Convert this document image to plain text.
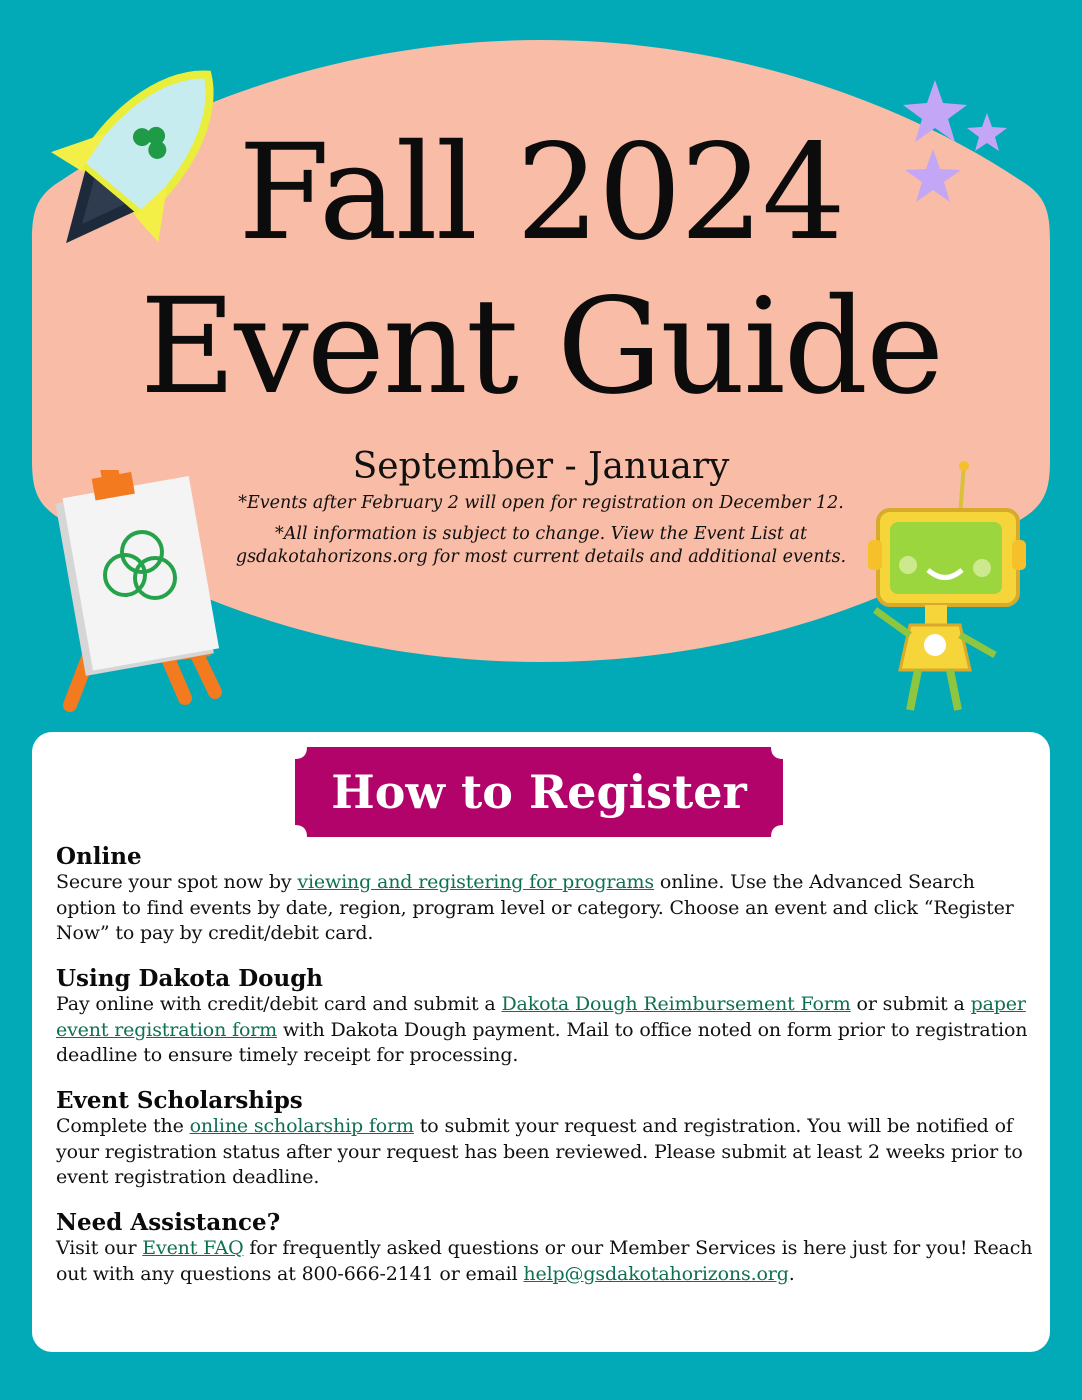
Fall 2024
Event Guide
September - January
*Events after February 2 will open for registration on December 12.
*All information is subject to change. View the Event List at gsdakotahorizons.org for most current details and additional events.
How to Register
Online

Secure your spot now by viewing and registering for programs online. Use the Advanced Search option to find events by date, region, program level or category. Choose an event and click “Register Now” to pay by credit/debit card.

Using Dakota Dough

Pay online with credit/debit card and submit a Dakota Dough Reimbursement Form or submit a paper event registration form with Dakota Dough payment. Mail to office noted on form prior to registration deadline to ensure timely receipt for processing.

Event Scholarships

Complete the online scholarship form to submit your request and registration. You will be notified of your registration status after your request has been reviewed. Please submit at least 2 weeks prior to event registration deadline.

Need Assistance?

Visit our Event FAQ for frequently asked questions or our Member Services is here just for you! Reach out with any questions at 800-666-2141 or email help@gsdakotahorizons.org.
